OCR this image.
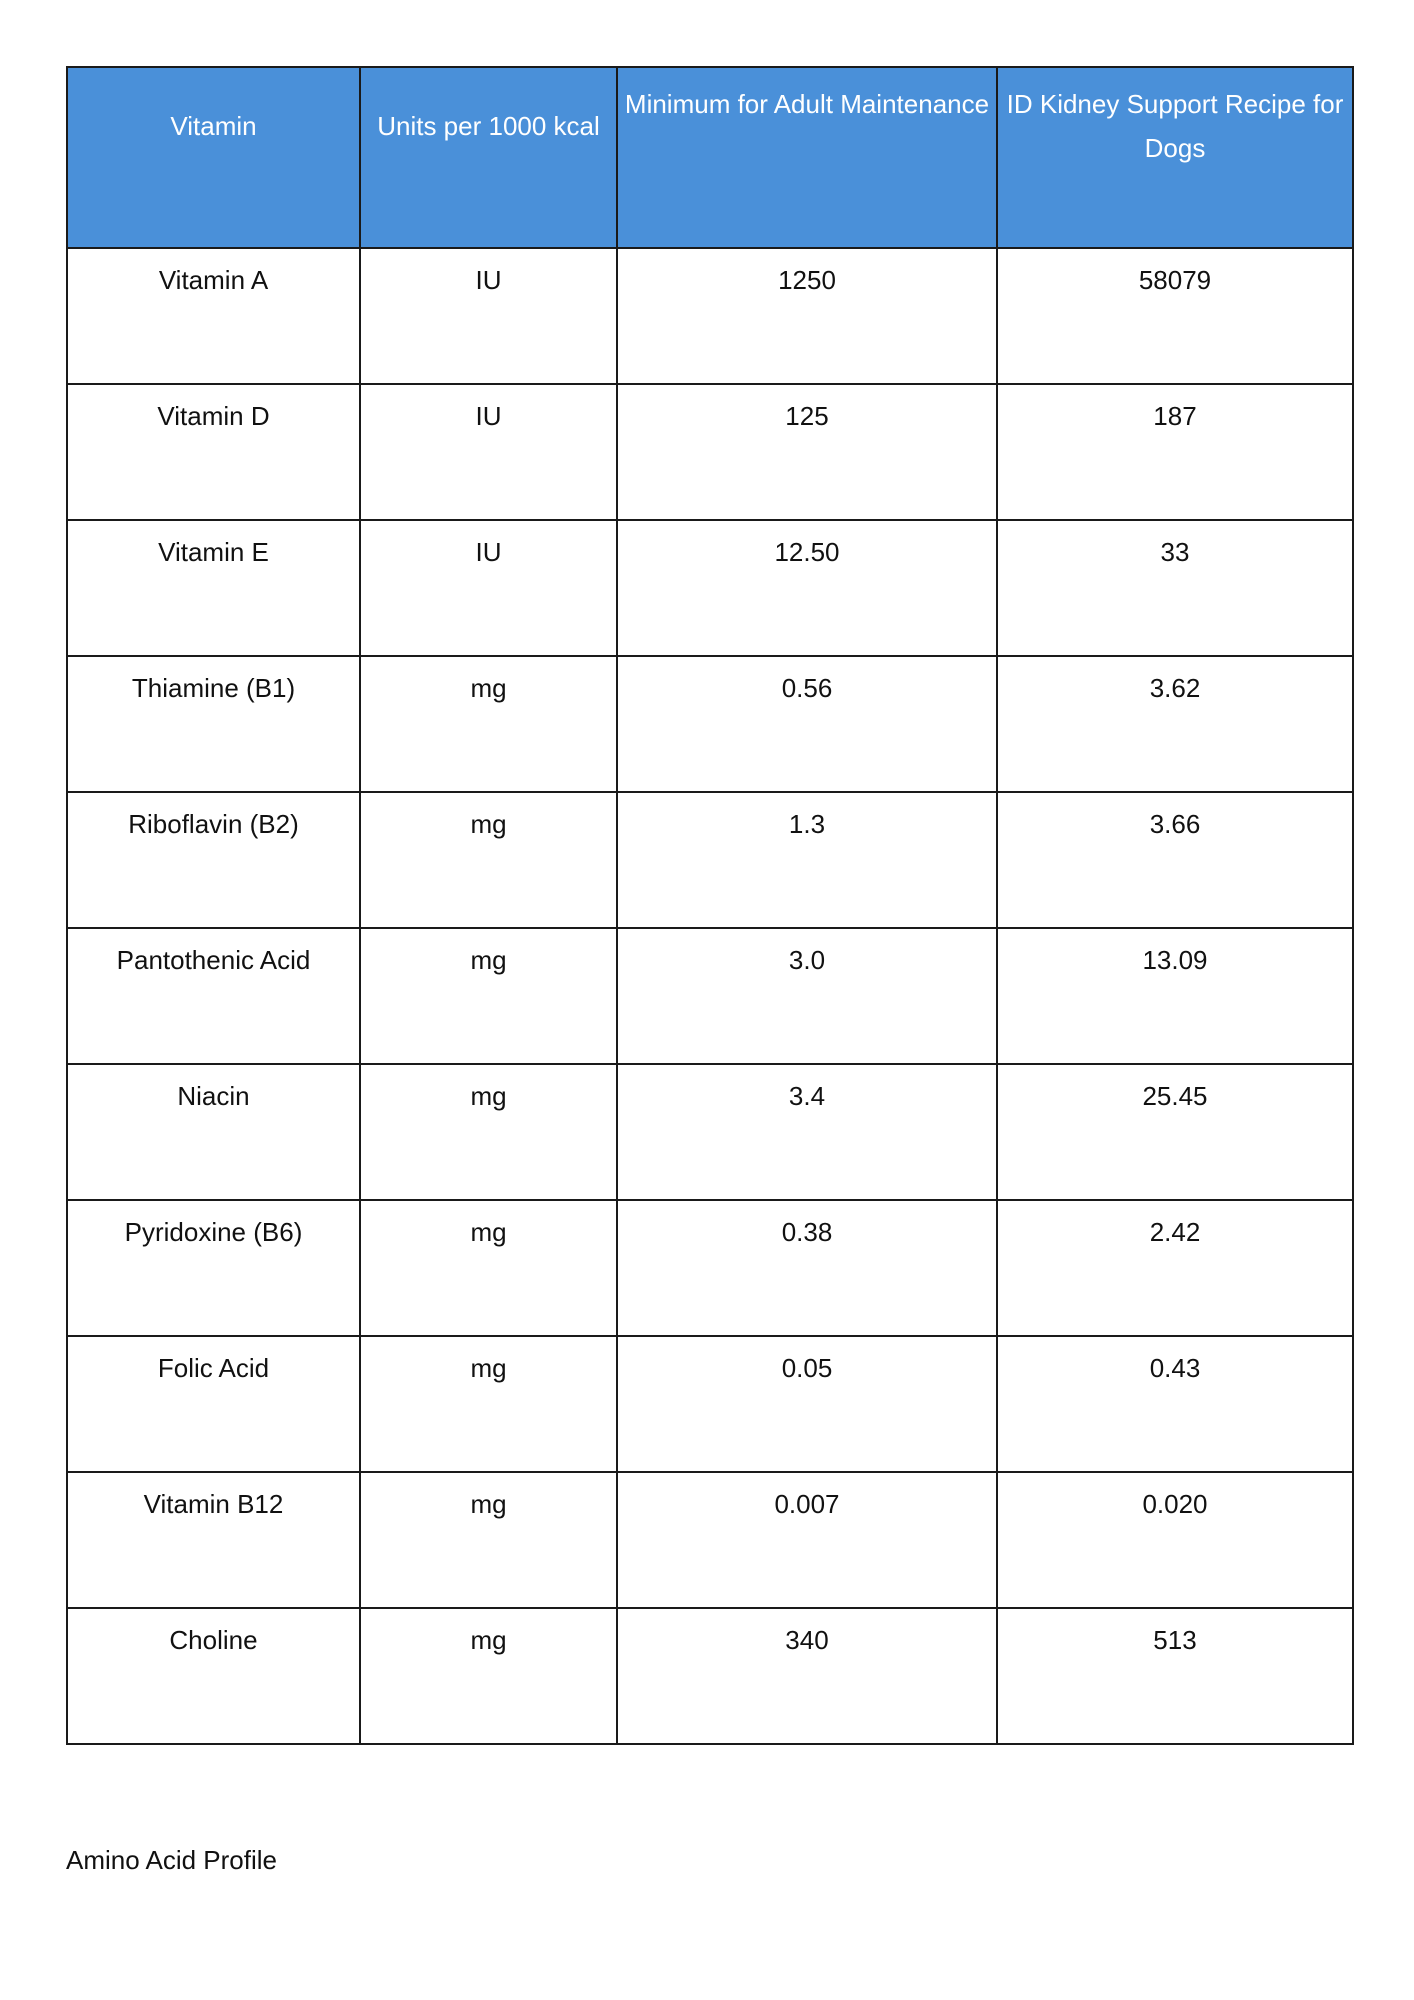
Vitamin	Units per 1000 kcal	Minimum for Adult Maintenance	ID Kidney Support Recipe for Dogs
Vitamin A	IU	1250	58079
Vitamin D	IU	125	187
Vitamin E	IU	12.50	33
Thiamine (B1)	mg	0.56	3.62
Riboflavin (B2)	mg	1.3	3.66
Pantothenic Acid	mg	3.0	13.09
Niacin	mg	3.4	25.45
Pyridoxine (B6)	mg	0.38	2.42
Folic Acid	mg	0.05	0.43
Vitamin B12	mg	0.007	0.020
Choline	mg	340	513

Amino Acid Profile
